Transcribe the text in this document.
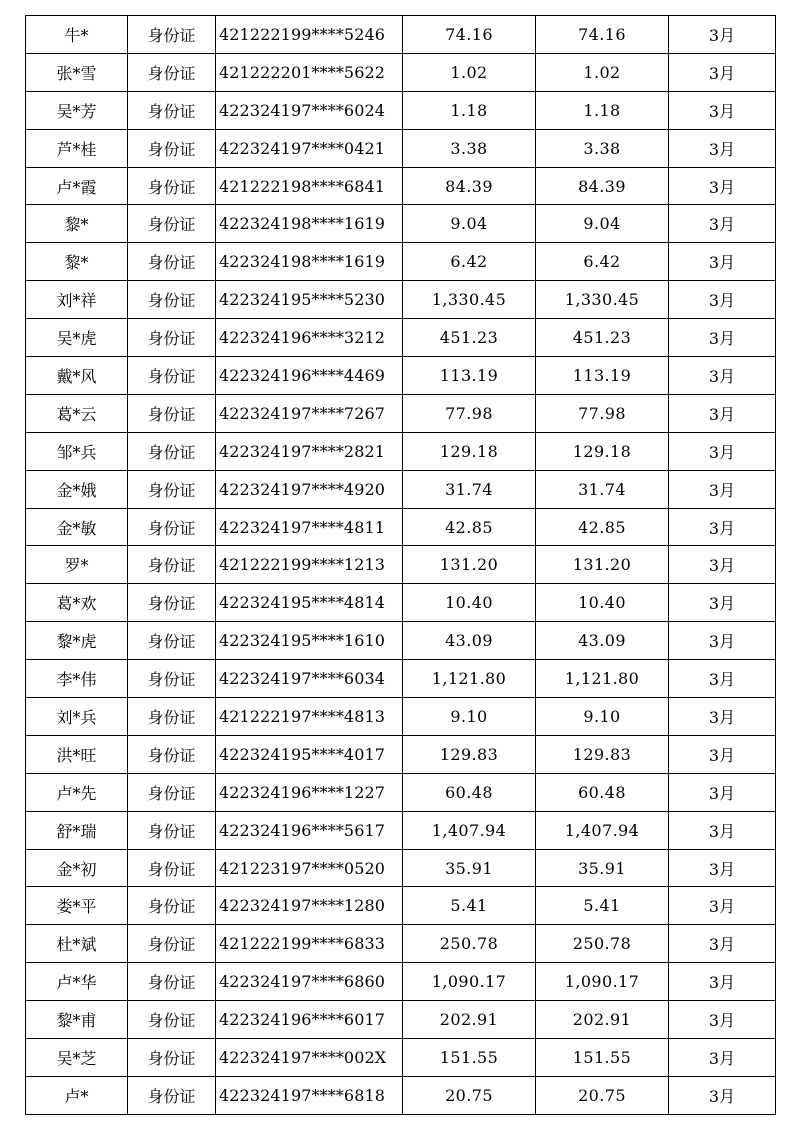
牛*	身份证	421222199****5246	74.16	74.16	3月
张*雪	身份证	421222201****5622	1.02	1.02	3月
吴*芳	身份证	422324197****6024	1.18	1.18	3月
芦*桂	身份证	422324197****0421	3.38	3.38	3月
卢*霞	身份证	421222198****6841	84.39	84.39	3月
黎*	身份证	422324198****1619	9.04	9.04	3月
黎*	身份证	422324198****1619	6.42	6.42	3月
刘*祥	身份证	422324195****5230	1,330.45	1,330.45	3月
吴*虎	身份证	422324196****3212	451.23	451.23	3月
戴*风	身份证	422324196****4469	113.19	113.19	3月
葛*云	身份证	422324197****7267	77.98	77.98	3月
邹*兵	身份证	422324197****2821	129.18	129.18	3月
金*娥	身份证	422324197****4920	31.74	31.74	3月
金*敏	身份证	422324197****4811	42.85	42.85	3月
罗*	身份证	421222199****1213	131.20	131.20	3月
葛*欢	身份证	422324195****4814	10.40	10.40	3月
黎*虎	身份证	422324195****1610	43.09	43.09	3月
李*伟	身份证	422324197****6034	1,121.80	1,121.80	3月
刘*兵	身份证	421222197****4813	9.10	9.10	3月
洪*旺	身份证	422324195****4017	129.83	129.83	3月
卢*先	身份证	422324196****1227	60.48	60.48	3月
舒*瑞	身份证	422324196****5617	1,407.94	1,407.94	3月
金*初	身份证	421223197****0520	35.91	35.91	3月
娄*平	身份证	422324197****1280	5.41	5.41	3月
杜*斌	身份证	421222199****6833	250.78	250.78	3月
卢*华	身份证	422324197****6860	1,090.17	1,090.17	3月
黎*甫	身份证	422324196****6017	202.91	202.91	3月
吴*芝	身份证	422324197****002X	151.55	151.55	3月
卢*	身份证	422324197****6818	20.75	20.75	3月
